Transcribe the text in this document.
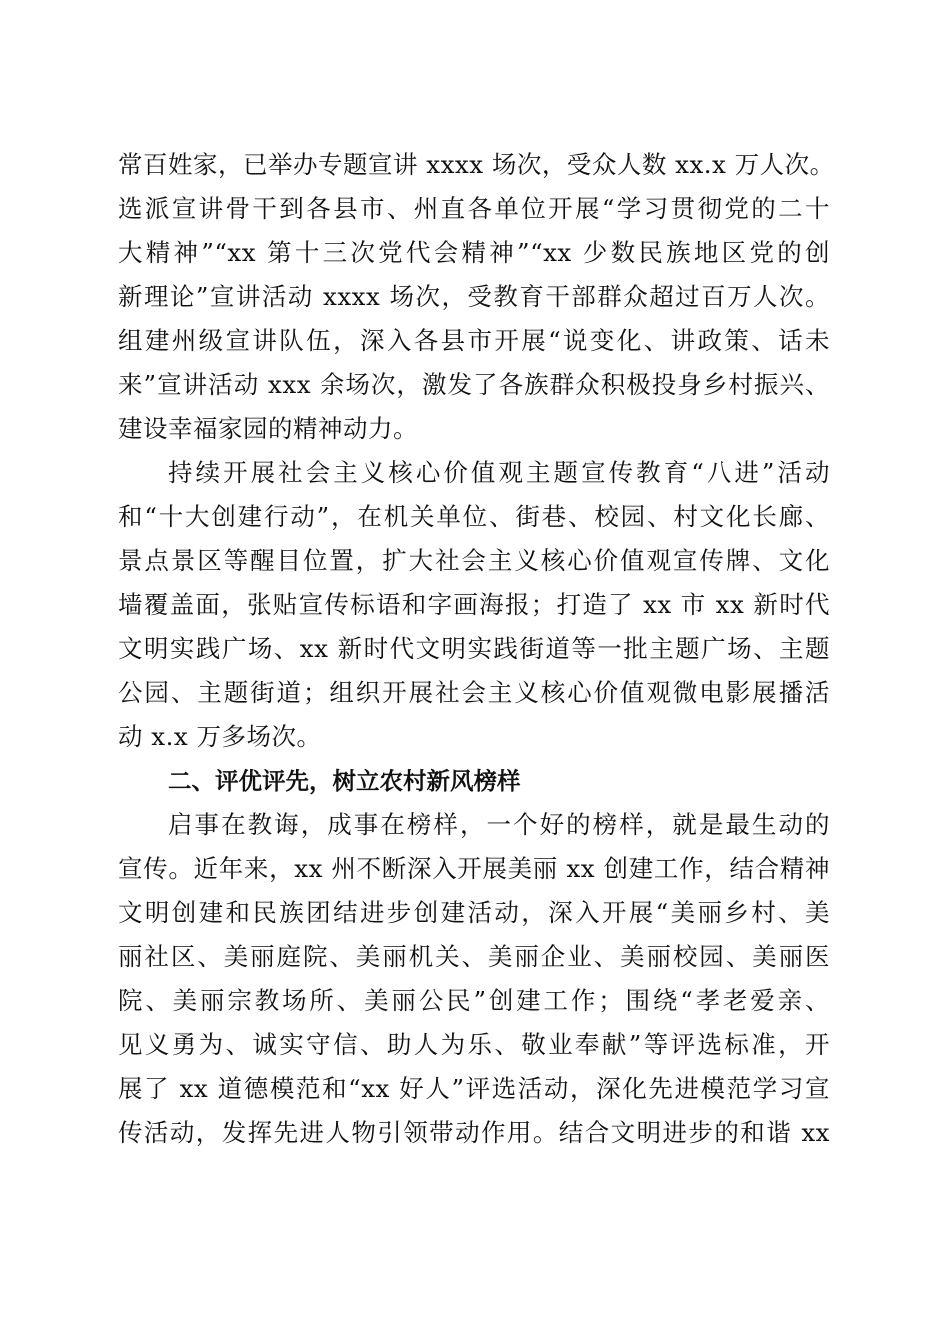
常百姓家，已举办专题宣讲 xxxx 场次，受众人数 xx.x 万人次。
选派宣讲骨干到各县市、州直各单位开展“学习贯彻党的二十
大精神”“xx 第十三次党代会精神”“xx 少数民族地区党的创
新理论”宣讲活动 xxxx 场次，受教育干部群众超过百万人次。
组建州级宣讲队伍，深入各县市开展“说变化、讲政策、话未
来”宣讲活动 xxx 余场次，激发了各族群众积极投身乡村振兴、
建设幸福家园的精神动力。
持续开展社会主义核心价值观主题宣传教育“八进”活动
和“十大创建行动”，在机关单位、街巷、校园、村文化长廊、
景点景区等醒目位置，扩大社会主义核心价值观宣传牌、文化
墙覆盖面，张贴宣传标语和字画海报；打造了 xx 市 xx 新时代
文明实践广场、xx 新时代文明实践街道等一批主题广场、主题
公园、主题街道；组织开展社会主义核心价值观微电影展播活
动 x.x 万多场次。
二、评优评先，树立农村新风榜样
启事在教诲，成事在榜样，一个好的榜样，就是最生动的
宣传。近年来，xx 州不断深入开展美丽 xx 创建工作，结合精神
文明创建和民族团结进步创建活动，深入开展“美丽乡村、美
丽社区、美丽庭院、美丽机关、美丽企业、美丽校园、美丽医
院、美丽宗教场所、美丽公民”创建工作；围绕“孝老爱亲、
见义勇为、诚实守信、助人为乐、敬业奉献”等评选标准，开
展了 xx 道德模范和“xx 好人”评选活动，深化先进模范学习宣
传活动，发挥先进人物引领带动作用。结合文明进步的和谐 xx
